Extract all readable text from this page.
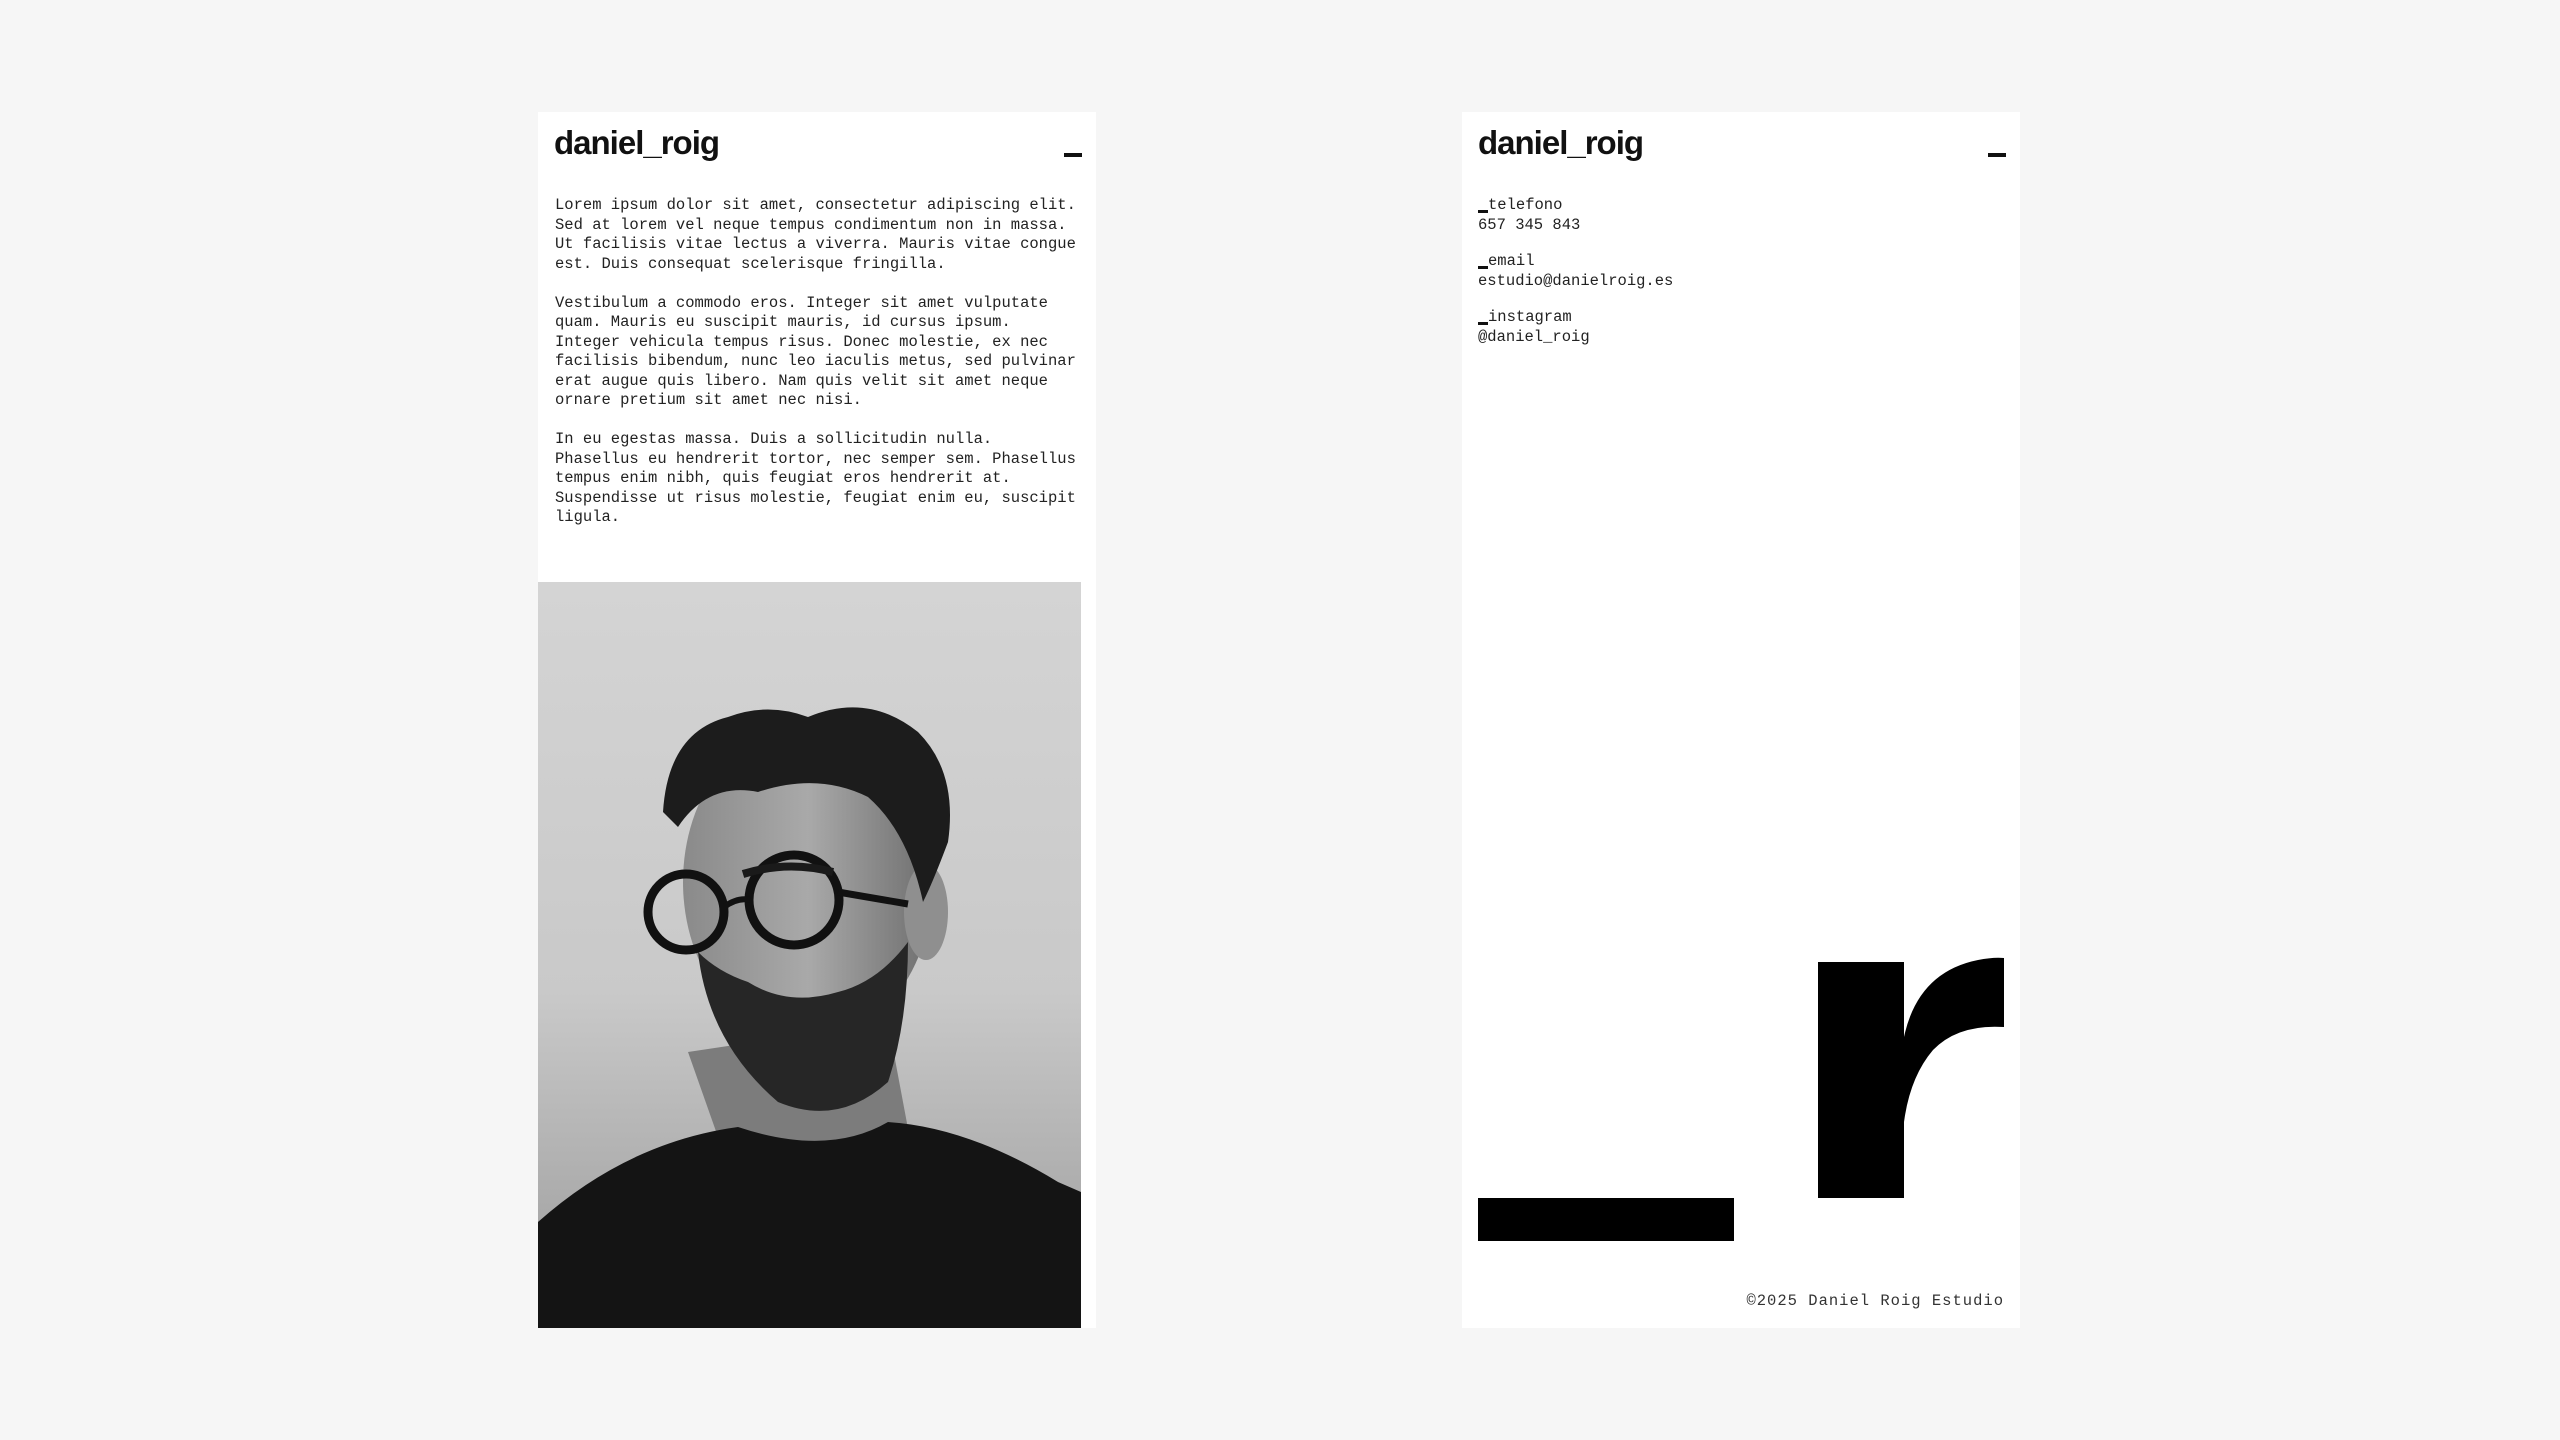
daniel_roig

Lorem ipsum dolor sit amet, consectetur adipiscing elit. Sed at lorem vel neque tempus condimentum non in massa. Ut facilisis vitae lectus a viverra. Mauris vitae congue est. Duis consequat scelerisque fringilla.

Vestibulum a commodo eros. Integer sit amet vulputate quam. Mauris eu suscipit mauris, id cursus ipsum. Integer vehicula tempus risus. Donec molestie, ex nec facilisis bibendum, nunc leo iaculis metus, sed pulvinar erat augue quis libero. Nam quis velit sit amet neque ornare pretium sit amet nec nisi.

In eu egestas massa. Duis a sollicitudin nulla. Phasellus eu hendrerit tortor, nec semper sem. Phasellus tempus enim nibh, quis feugiat eros hendrerit at. Suspendisse ut risus molestie, feugiat enim eu, suscipit ligula.

daniel_roig
telefono
657 345 843
email
estudio@danielroig.es
instagram
@daniel_roig
©2025 Daniel Roig Estudio
